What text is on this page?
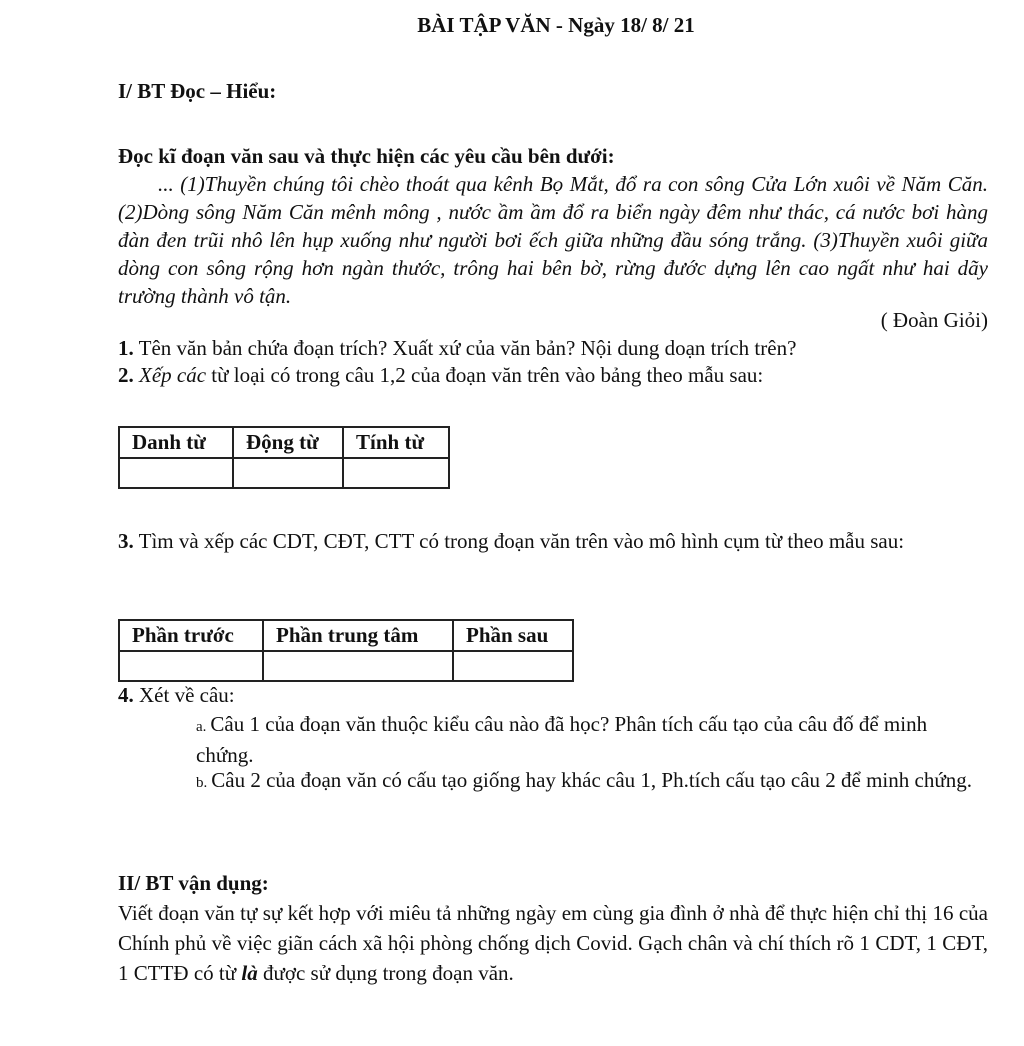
BÀI TẬP VĂN - Ngày 18/ 8/ 21
I/ BT Đọc – Hiểu:
Đọc kĩ đoạn văn sau và thực hiện các yêu cầu bên dưới:
... (1)Thuyền chúng tôi chèo thoát qua kênh Bọ Mắt, đổ ra con sông Cửa Lớn xuôi về Năm Căn. (2)Dòng sông Năm Căn mênh mông , nước ầm ầm đổ ra biển ngày đêm như thác, cá nước bơi hàng đàn đen trũi nhô lên hụp xuống như người bơi ếch giữa những đầu sóng trắng. (3)Thuyền xuôi giữa dòng con sông rộng hơn ngàn thước, trông hai bên bờ, rừng đước dựng lên cao ngất như hai dãy trường thành vô tận.
( Đoàn Giỏi)
1. Tên văn bản chứa đoạn trích? Xuất xứ của văn bản? Nội dung doạn trích trên?
2. Xếp các từ loại có trong câu 1,2 của đoạn văn trên vào bảng theo mẫu sau:
Danh từ	Động từ	Tính từ

3. Tìm và xếp các CDT, CĐT, CTT có trong đoạn văn trên vào mô hình cụm từ theo mẫu sau:
Phần trước	Phần trung tâm	Phần sau

4. Xét về câu:
a. Câu 1 của đoạn văn thuộc kiểu câu nào đã học? Phân tích cấu tạo của câu đố để minh chứng.
b. Câu 2 của đoạn văn có cấu tạo giống hay khác câu 1, Ph.tích cấu tạo câu 2 để minh chứng.
II/ BT vận dụng:
Viết đoạn văn tự sự kết hợp với miêu tả những ngày em cùng gia đình ở nhà để thực hiện chỉ thị 16 của Chính phủ về việc giãn cách xã hội phòng chống dịch Covid. Gạch chân và chí thích rõ 1 CDT, 1 CĐT, 1 CTTĐ có từ là được sử dụng trong đoạn văn.
